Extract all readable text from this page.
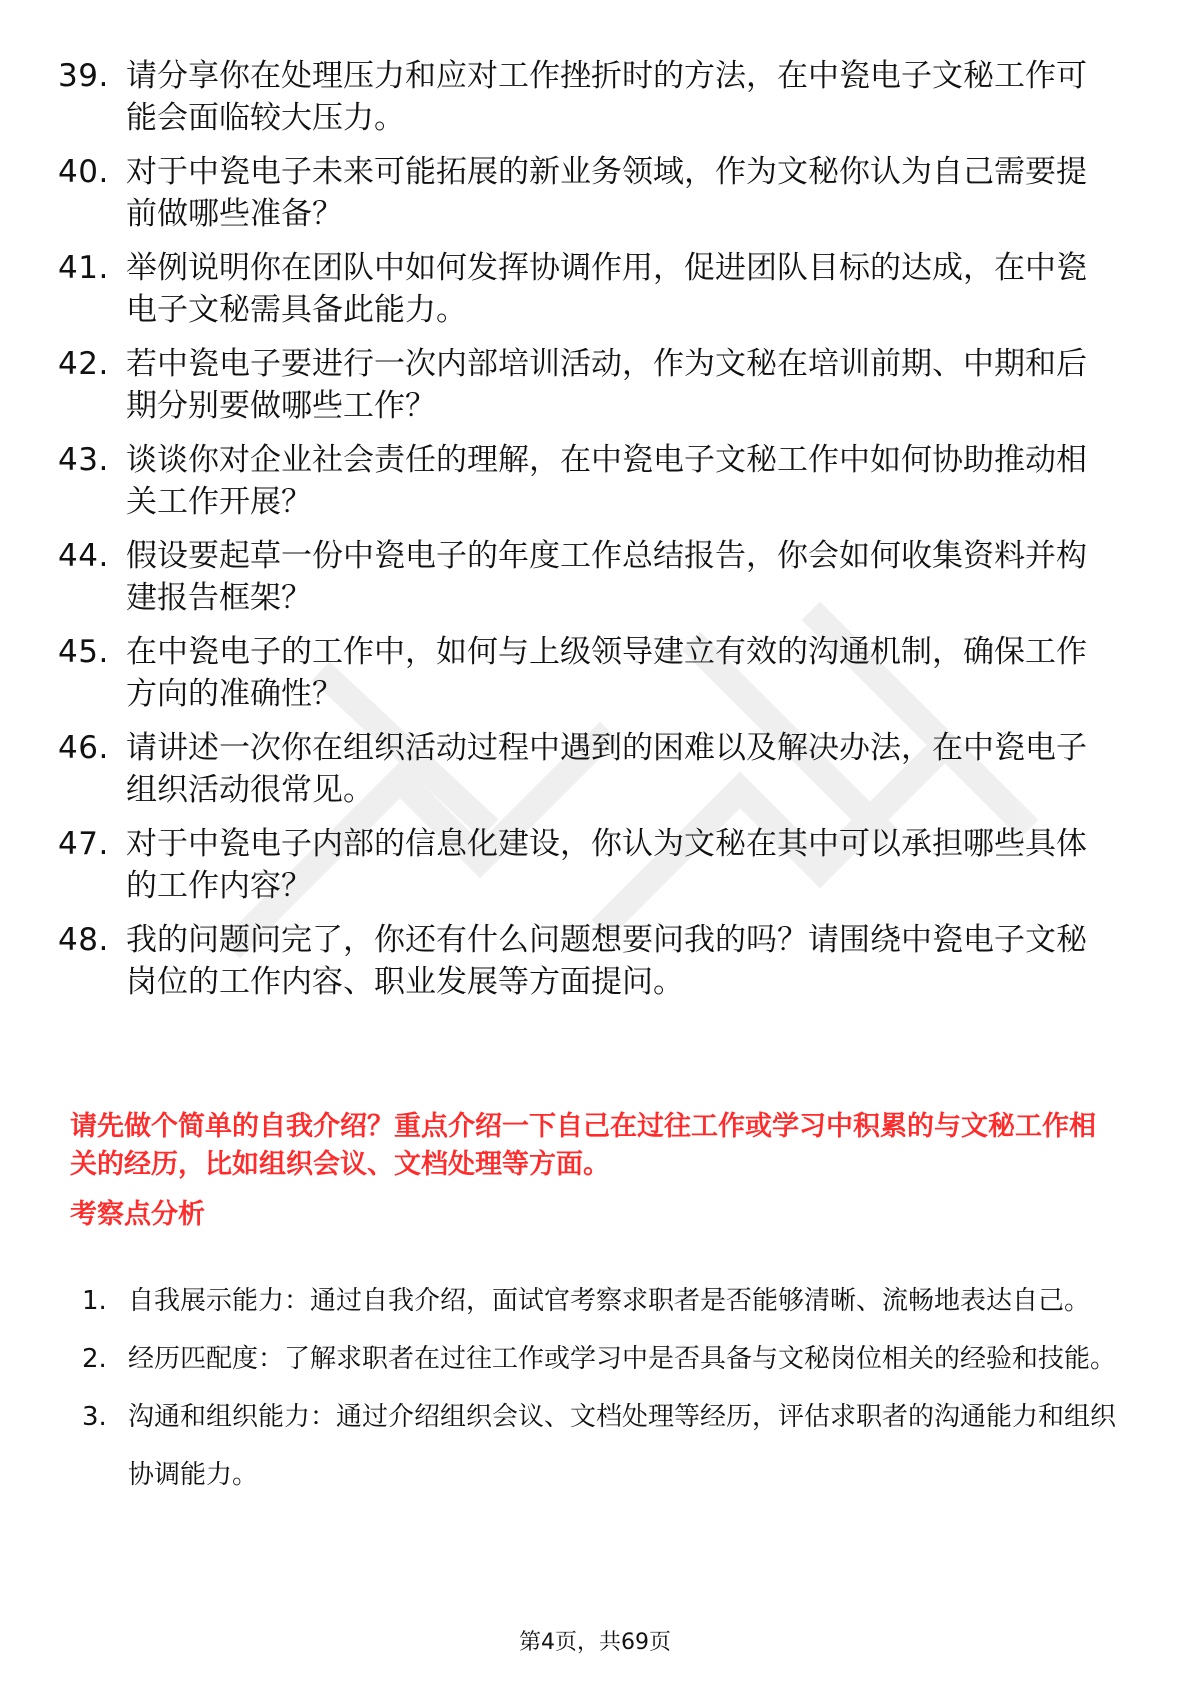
39. 请分享你在处理压力和应对工作挫折时的方法，在中瓷电子文秘工作可能会面临较大压力。
40. 对于中瓷电子未来可能拓展的新业务领域，作为文秘你认为自己需要提前做哪些准备？
41. 举例说明你在团队中如何发挥协调作用，促进团队目标的达成，在中瓷电子文秘需具备此能力。
42. 若中瓷电子要进行一次内部培训活动，作为文秘在培训前期、中期和后期分别要做哪些工作？
43. 谈谈你对企业社会责任的理解，在中瓷电子文秘工作中如何协助推动相关工作开展？
44. 假设要起草一份中瓷电子的年度工作总结报告，你会如何收集资料并构建报告框架？
45. 在中瓷电子的工作中，如何与上级领导建立有效的沟通机制，确保工作方向的准确性？
46. 请讲述一次你在组织活动过程中遇到的困难以及解决办法，在中瓷电子组织活动很常见。
47. 对于中瓷电子内部的信息化建设，你认为文秘在其中可以承担哪些具体的工作内容？
48. 我的问题问完了，你还有什么问题想要问我的吗？请围绕中瓷电子文秘岗位的工作内容、职业发展等方面提问。

请先做个简单的自我介绍？重点介绍一下自己在过往工作或学习中积累的与文秘工作相关的经历，比如组织会议、文档处理等方面。

考察点分析
1. 自我展示能力：通过自我介绍，面试官考察求职者是否能够清晰、流畅地表达自己。
2. 经历匹配度：了解求职者在过往工作或学习中是否具备与文秘岗位相关的经验和技能。
3. 沟通和组织能力：通过介绍组织会议、文档处理等经历，评估求职者的沟通能力和组织协调能力。
第4页，共69页
